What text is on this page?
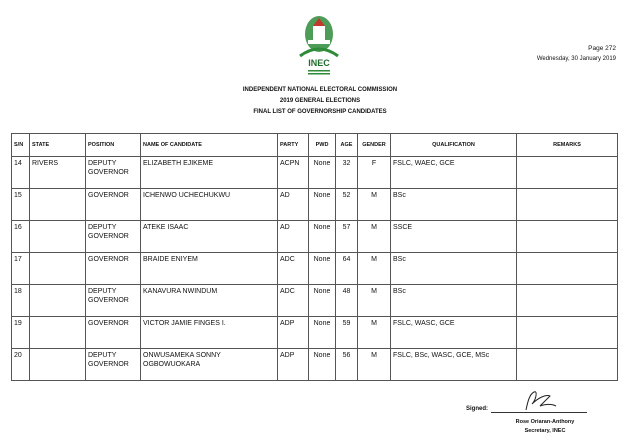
INEC
Page 272
Wednesday, 30 January 2019
INDEPENDENT NATIONAL ELECTORAL COMMISSION
2019 GENERAL ELECTIONS
FINAL LIST OF GOVERNORSHIP CANDIDATES
S/N	STATE	POSITION	NAME OF CANDIDATE	PARTY	PWD	AGE	GENDER	QUALIFICATION	REMARKS
14	RIVERS	DEPUTY GOVERNOR	ELIZABETH EJIKEME	ACPN	None	32	F	FSLC, WAEC, GCE	
15		GOVERNOR	ICHENWO UCHECHUKWU	AD	None	52	M	BSc	
16		DEPUTY GOVERNOR	ATEKE ISAAC	AD	None	57	M	SSCE	
17		GOVERNOR	BRAIDE ENIYEM	ADC	None	64	M	BSc	
18		DEPUTY GOVERNOR	KANAVURA NWINDUM	ADC	None	48	M	BSc	
19		GOVERNOR	VICTOR JAMIE FINGES I.	ADP	None	59	M	FSLC, WASC, GCE	
20		DEPUTY GOVERNOR	ONWUSAMEKA SONNY OGBOWUOKARA	ADP	None	56	M	FSLC, BSc, WASC, GCE, MSc	
Signed:
Rose Oriaran-Anthony
Secretary, INEC
